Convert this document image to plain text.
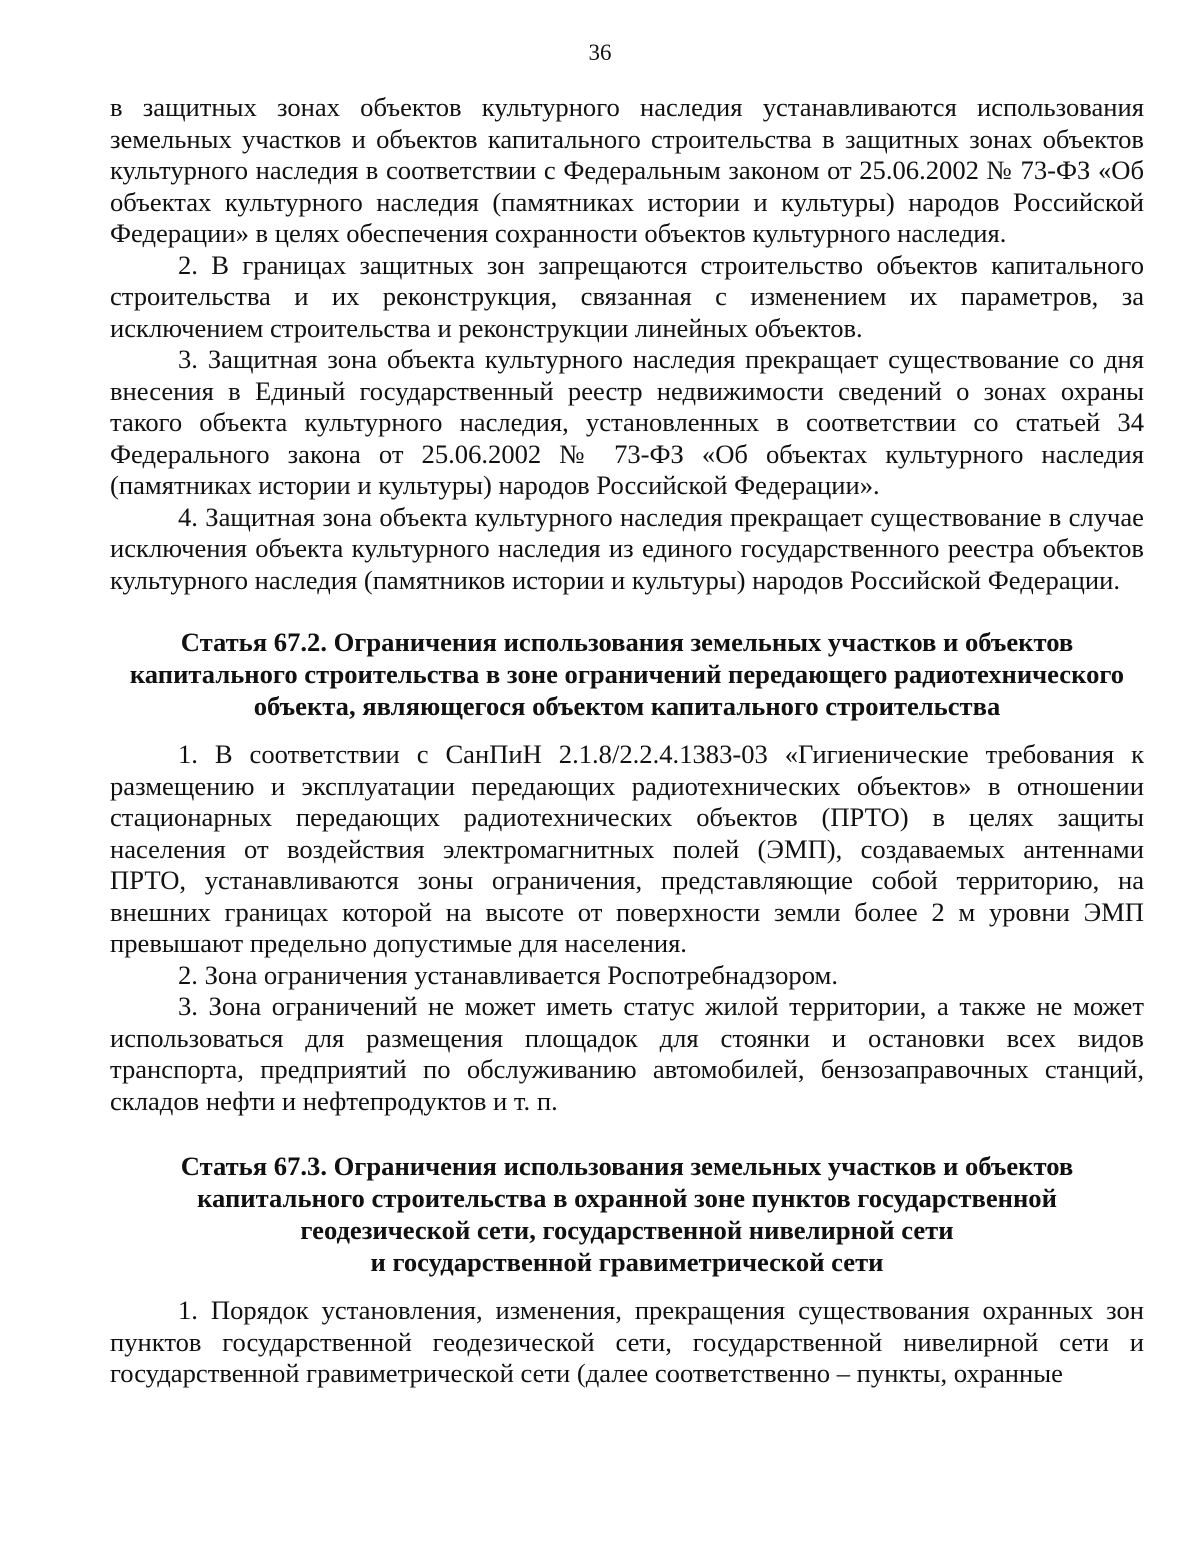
36

в защитных зонах объектов культурного наследия устанавливаются использования земельных участков и объектов капитального строительства в защитных зонах объектов культурного наследия в соответствии с Федеральным законом от 25.06.2002 № 73-ФЗ «Об объектах культурного наследия (памятниках истории и культуры) народов Российской Федерации» в целях обеспечения сохранности объектов культурного наследия.

2. В границах защитных зон запрещаются строительство объектов капитального строительства и их реконструкция, связанная с изменением их параметров, за исключением строительства и реконструкции линейных объектов.

3. Защитная зона объекта культурного наследия прекращает существование со дня внесения в Единый государственный реестр недвижимости сведений о зонах охраны такого объекта культурного наследия, установленных в соответствии со статьей 34 Федерального закона от 25.06.2002 № 73-ФЗ «Об объектах культурного наследия (памятниках истории и культуры) народов Российской Федерации».

4. Защитная зона объекта культурного наследия прекращает существование в случае исключения объекта культурного наследия из единого государственного реестра объектов культурного наследия (памятников истории и культуры) народов Российской Федерации.

Статья 67.2. Ограничения использования земельных участков и объектов
капитального строительства в зоне ограничений передающего радиотехнического
объекта, являющегося объектом капитального строительства

1. В соответствии с СанПиН 2.1.8/2.2.4.1383-03 «Гигиенические требования к размещению и эксплуатации передающих радиотехнических объектов» в отношении стационарных передающих радиотехнических объектов (ПРТО) в целях защиты населения от воздействия электромагнитных полей (ЭМП), создаваемых антеннами ПРТО, устанавливаются зоны ограничения, представляющие собой территорию, на внешних границах которой на высоте от поверхности земли более 2 м уровни ЭМП превышают предельно допустимые для населения.

2. Зона ограничения устанавливается Роспотребнадзором.

3. Зона ограничений не может иметь статус жилой территории, а также не может использоваться для размещения площадок для стоянки и остановки всех видов транспорта, предприятий по обслуживанию автомобилей, бензозаправочных станций, складов нефти и нефтепродуктов и т. п.

Статья 67.3. Ограничения использования земельных участков и объектов
капитального строительства в охранной зоне пунктов государственной
геодезической сети, государственной нивелирной сети
и государственной гравиметрической сети

1. Порядок установления, изменения, прекращения существования охранных зон пунктов государственной геодезической сети, государственной нивелирной сети и государственной гравиметрической сети (далее соответственно – пункты, охранные
